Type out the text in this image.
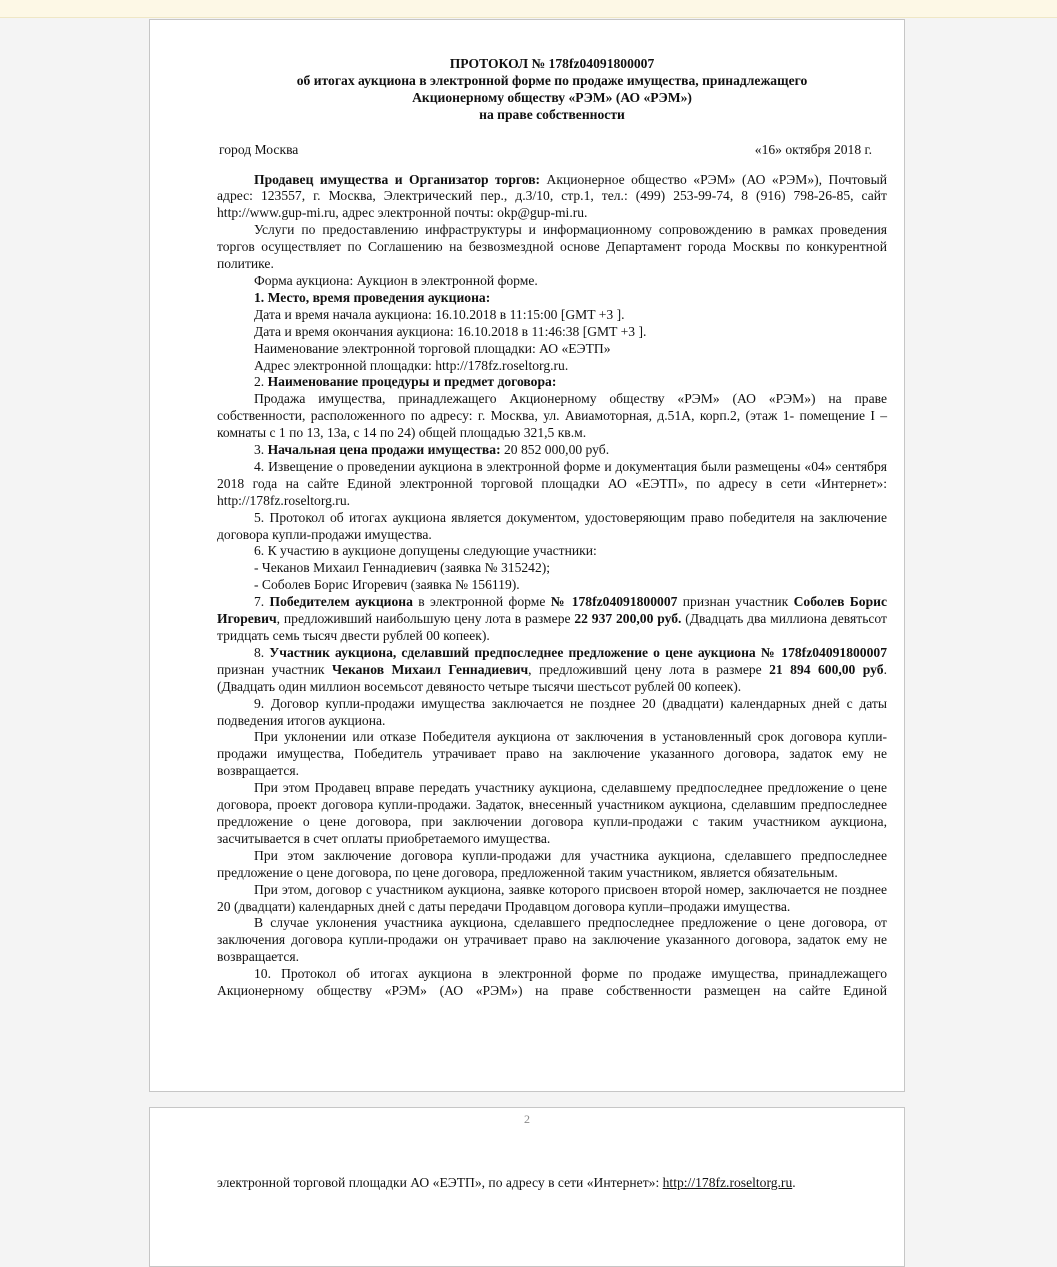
ПРОТОКОЛ № 178fz04091800007
об итогах аукциона в электронной форме по продаже имущества, принадлежащего
Акционерному обществу «РЭМ» (АО «РЭМ»)
на праве собственности
город Москва	«16» октября 2018 г.

Продавец имущества и Организатор торгов: Акционерное общество «РЭМ» (АО «РЭМ»), Почтовый адрес: 123557, г. Москва, Электрический пер., д.3/10, стр.1, тел.: (499) 253-99-74, 8 (916) 798-26-85, сайт http://www.gup-mi.ru, адрес электронной почты: okp@gup-mi.ru.

Услуги по предоставлению инфраструктуры и информационному сопровождению в рамках проведения торгов осуществляет по Соглашению на безвозмездной основе Департамент города Москвы по конкурентной политике.

Форма аукциона: Аукцион в электронной форме.

1. Место, время проведения аукциона:

Дата и время начала аукциона: 16.10.2018 в 11:15:00 [GMT +3 ].

Дата и время окончания аукциона: 16.10.2018 в 11:46:38 [GMT +3 ].

Наименование электронной торговой площадки: АО «ЕЭТП»

Адрес электронной площадки: http://178fz.roseltorg.ru.

2. Наименование процедуры и предмет договора:

Продажа имущества, принадлежащего Акционерному обществу «РЭМ» (АО «РЭМ») на праве собственности, расположенного по адресу: г. Москва, ул. Авиамоторная, д.51А, корп.2, (этаж 1- помещение I – комнаты с 1 по 13, 13а, с 14 по 24) общей площадью 321,5 кв.м.

3. Начальная цена продажи имущества: 20 852 000,00 руб.

4. Извещение о проведении аукциона в электронной форме и документация были размещены «04» сентября 2018 года на сайте Единой электронной торговой площадки АО «ЕЭТП», по адресу в сети «Интернет»: http://178fz.roseltorg.ru.

5. Протокол об итогах аукциона является документом, удостоверяющим право победителя на заключение договора купли-продажи имущества.

6. К участию в аукционе допущены следующие участники:

- Чеканов Михаил Геннадиевич (заявка № 315242);

- Соболев Борис Игоревич (заявка № 156119).

7. Победителем аукциона в электронной форме № 178fz04091800007 признан участник Соболев Борис Игоревич, предложивший наибольшую цену лота в размере 22 937 200,00 руб. (Двадцать два миллиона девятьсот тридцать семь тысяч двести рублей 00 копеек).

8. Участник аукциона, сделавший предпоследнее предложение о цене аукциона № 178fz04091800007 признан участник Чеканов Михаил Геннадиевич, предложивший цену лота в размере 21 894 600,00 руб. (Двадцать один миллион восемьсот девяносто четыре тысячи шестьсот рублей 00 копеек).

9. Договор купли-продажи имущества заключается не позднее 20 (двадцати) календарных дней с даты подведения итогов аукциона.

При уклонении или отказе Победителя аукциона от заключения в установленный срок договора купли-продажи имущества, Победитель утрачивает право на заключение указанного договора, задаток ему не возвращается.

При этом Продавец вправе передать участнику аукциона, сделавшему предпоследнее предложение о цене договора, проект договора купли-продажи. Задаток, внесенный участником аукциона, сделавшим предпоследнее предложение о цене договора, при заключении договора купли-продажи с таким участником аукциона, засчитывается в счет оплаты приобретаемого имущества.

При этом заключение договора купли-продажи для участника аукциона, сделавшего предпоследнее предложение о цене договора, по цене договора, предложенной таким участником, является обязательным.

При этом, договор с участником аукциона, заявке которого присвоен второй номер, заключается не позднее 20 (двадцати) календарных дней с даты передачи Продавцом договора купли–продажи имущества.

В случае уклонения участника аукциона, сделавшего предпоследнее предложение о цене договора, от заключения договора купли-продажи он утрачивает право на заключение указанного договора, задаток ему не возвращается.

10. Протокол об итогах аукциона в электронной форме по продаже имущества, принадлежащего Акционерному обществу «РЭМ» (АО «РЭМ») на праве собственности размещен на сайте Единой

2

электронной торговой площадки АО «ЕЭТП», по адресу в сети «Интернет»: http://178fz.roseltorg.ru.
